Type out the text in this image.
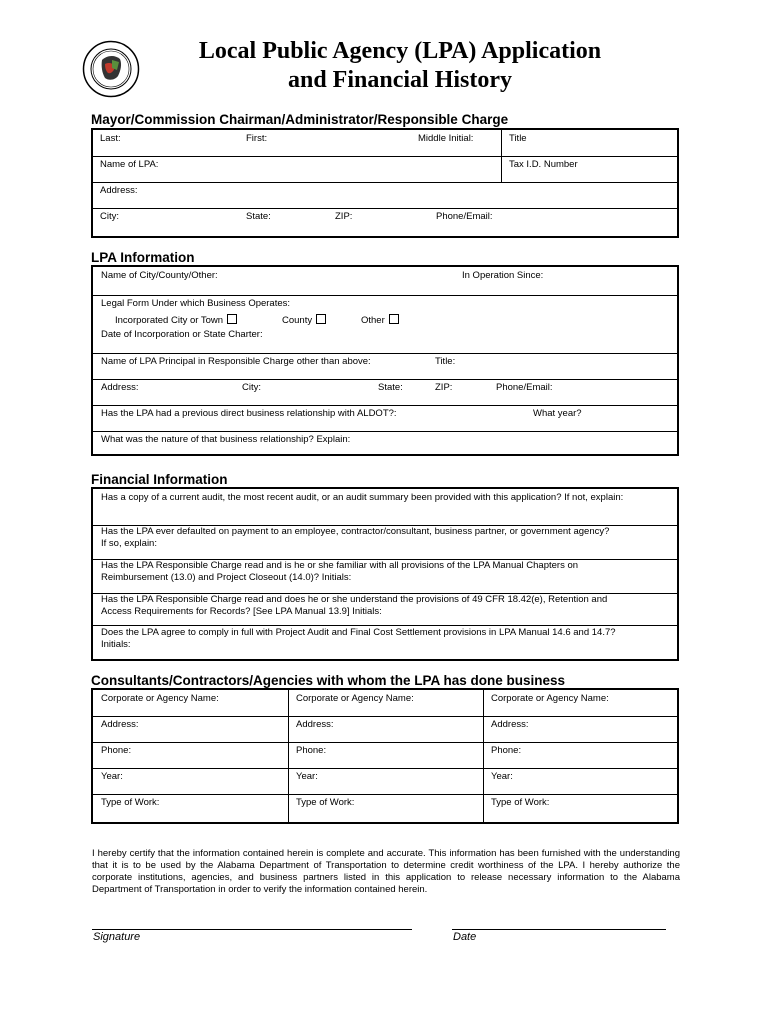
Local Public Agency (LPA) Application
and Financial History
Mayor/Commission Chairman/Administrator/Responsible Charge
Last:	First:	Middle Initial:	Title
Name of LPA:	Tax I.D. Number
Address:
City:	State:	ZIP:	Phone/Email:
LPA Information
Name of City/County/Other:	In Operation Since:
Legal Form Under which Business Operates:
Incorporated City or Town	County	Other
Date of Incorporation or State Charter:
Name of LPA Principal in Responsible Charge other than above:	Title:
Address:	City:	State:	ZIP:	Phone/Email:
Has the LPA had a previous direct business relationship with ALDOT?:	What year?
What was the nature of that business relationship? Explain:
Financial Information
Has a copy of a current audit, the most recent audit, or an audit summary been provided with this application? If not, explain:
Has the LPA ever defaulted on payment to an employee, contractor/consultant, business partner, or government agency?
If so, explain:
Has the LPA Responsible Charge read and is he or she familiar with all provisions of the LPA Manual Chapters on
Reimbursement (13.0) and Project Closeout (14.0)? Initials:
Has the LPA Responsible Charge read and does he or she understand the provisions of 49 CFR 18.42(e), Retention and
Access Requirements for Records? [See LPA Manual 13.9] Initials:
Does the LPA agree to comply in full with Project Audit and Final Cost Settlement provisions in LPA Manual 14.6 and 14.7?
Initials:
Consultants/Contractors/Agencies with whom the LPA has done business
Corporate or Agency Name:	Corporate or Agency Name:	Corporate or Agency Name:
Address:	Address:	Address:
Phone:	Phone:	Phone:
Year:	Year:	Year:
Type of Work:	Type of Work:	Type of Work:
I hereby certify that the information contained herein is complete and accurate. This information has been furnished with the understanding that it is to be used by the Alabama Department of Transportation to determine credit worthiness of the LPA. I hereby authorize the corporate institutions, agencies, and business partners listed in this application to release necessary information to the Alabama Department of Transportation in order to verify the information contained herein.
Signature	Date
